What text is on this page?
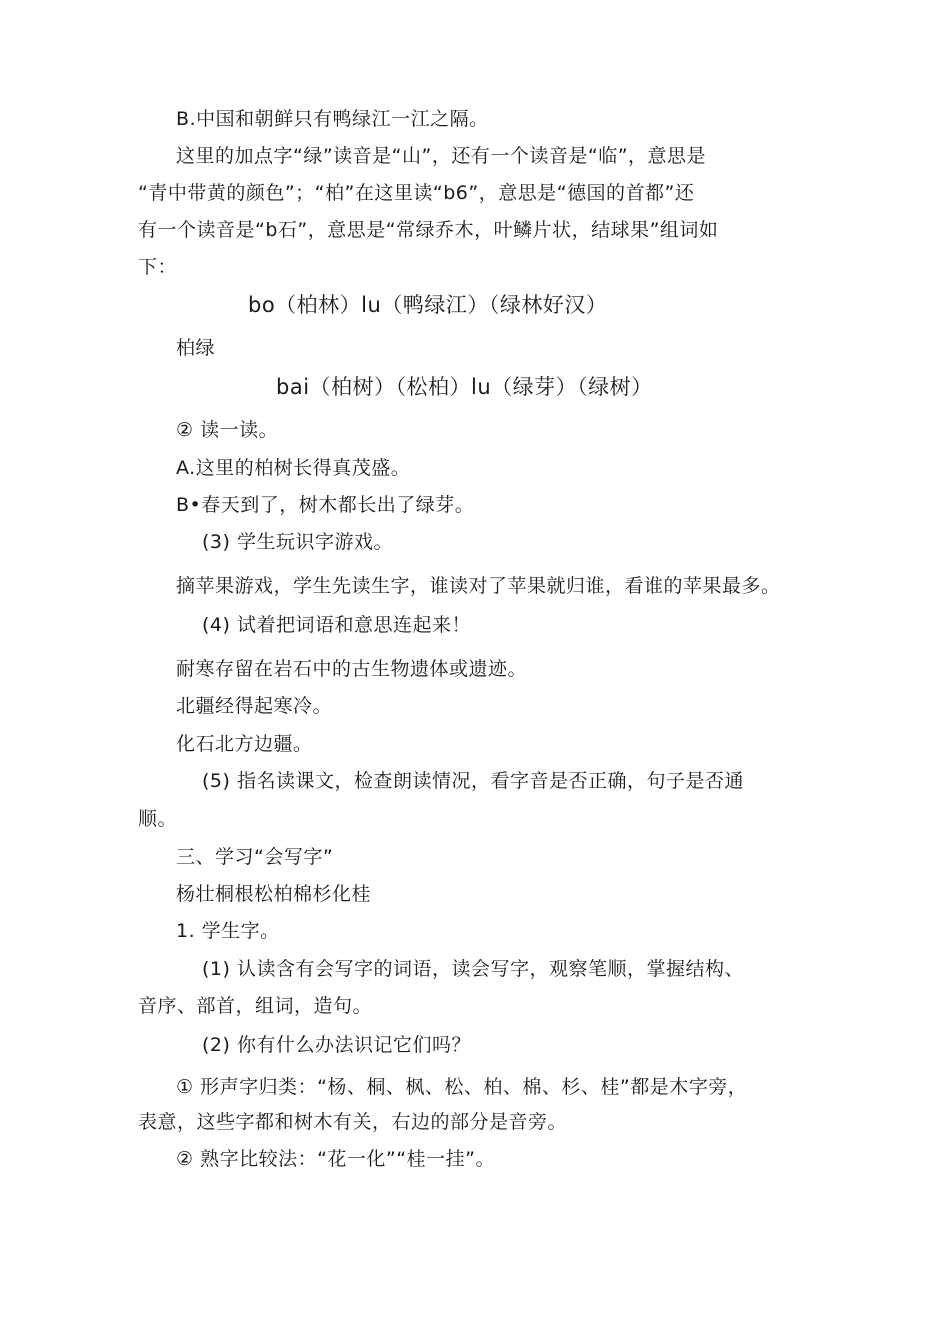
B.中国和朝鲜只有鸭绿江一江之隔。
这里的加点字“绿”读音是“山”，还有一个读音是“临”，意思是
“青中带黄的颜色”；“柏”在这里读“b6”，意思是“德国的首都”还
有一个读音是“b石”，意思是“常绿乔木，叶鳞片状，结球果”组词如
下：
bo（柏林）lu（鸭绿江）（绿林好汉）
柏绿
bai（柏树）（松柏）lu（绿芽）（绿树）
② 读一读。
A.这里的柏树长得真茂盛。
B•春天到了，树木都长出了绿芽。
(3) 学生玩识字游戏。
摘苹果游戏，学生先读生字，谁读对了苹果就归谁，看谁的苹果最多。
(4) 试着把词语和意思连起来！
耐寒存留在岩石中的古生物遗体或遗迹。
北疆经得起寒冷。
化石北方边疆。
(5) 指名读课文，检查朗读情况，看字音是否正确，句子是否通
顺。
三、学习“会写字”
杨壮桐根松柏棉杉化桂
1. 学生字。
(1) 认读含有会写字的词语，读会写字，观察笔顺，掌握结构、
音序、部首，组词，造句。
(2) 你有什么办法识记它们吗？
① 形声字归类：“杨、桐、枫、松、柏、棉、杉、桂”都是木字旁，
表意，这些字都和树木有关，右边的部分是音旁。
② 熟字比较法：“花一化”“桂一挂”。
